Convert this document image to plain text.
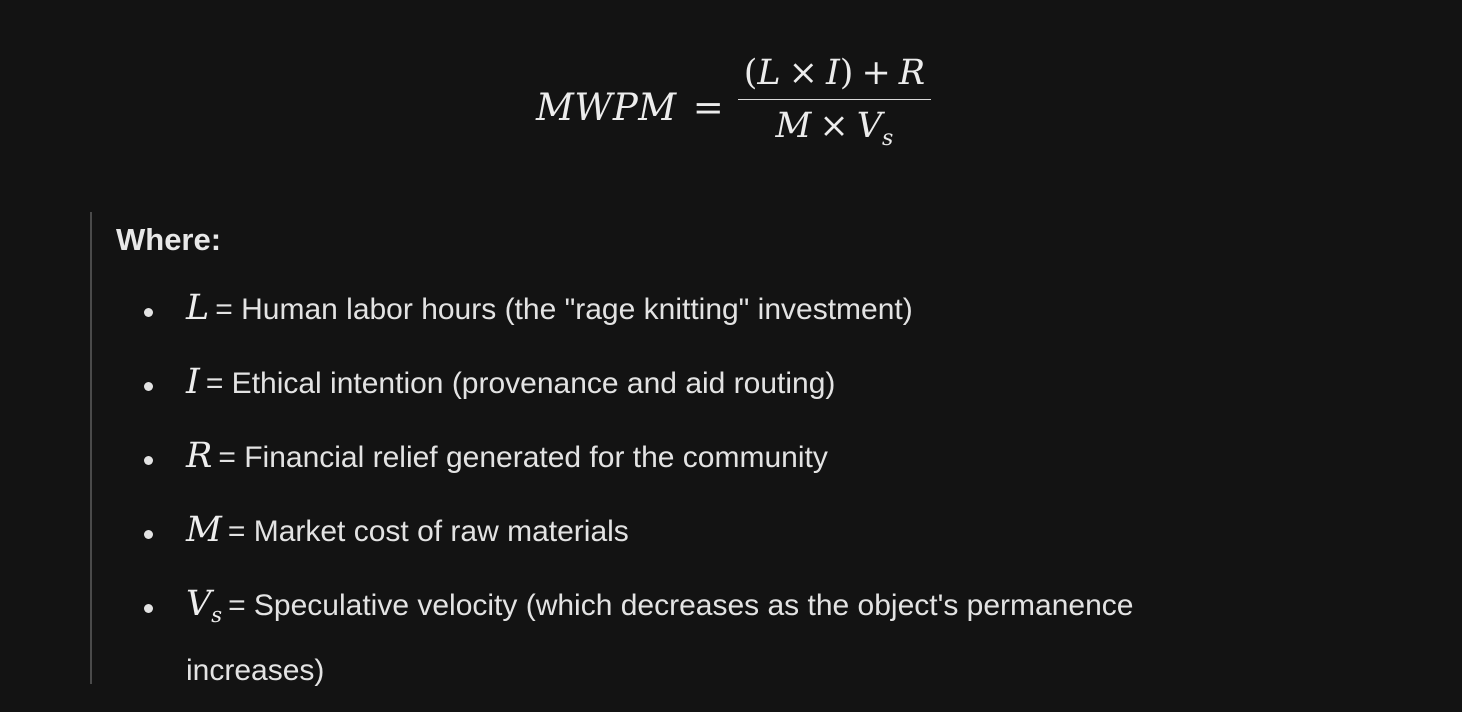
MWPM = $\frac{(L \times I) + R}{M \times V_s}$
Where:
L = Human labor hours (the "rage knitting" investment)
I = Ethical intention (provenance and aid routing)
R = Financial relief generated for the community
M = Market cost of raw materials
$V_s$ = Speculative velocity (which decreases as the object's permanence increases)
